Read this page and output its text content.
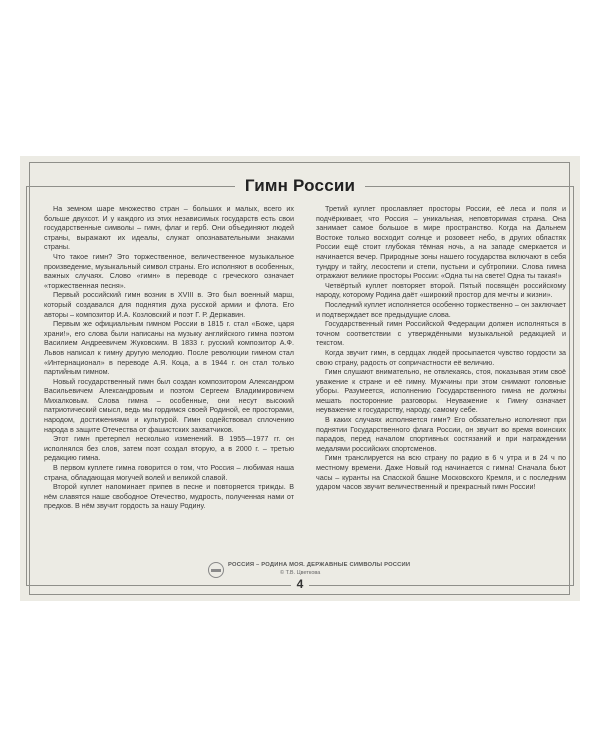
Гимн России

На земном шаре множество стран – больших и малых, всего их больше двухсот. И у каждого из этих независимых государств есть свои государственные символы – гимн, флаг и герб. Они объединяют людей страны, выражают их идеалы, служат опознавательными знаками страны.

Что такое гимн? Это торжественное, величественное музыкальное произведение, музыкальный символ страны. Его исполняют в особенных, важных случаях. Слово «гимн» в переводе с греческого означает «торжественная песня».

Первый российский гимн возник в XVIII в. Это был военный марш, который создавался для поднятия духа русской армии и флота. Его авторы – композитор И.А. Козловский и поэт Г. Р. Державин.

Первым же официальным гимном России в 1815 г. стал «Боже, царя храни!», его слова были написаны на музыку английского гимна поэтом Василием Андреевичем Жуковским. В 1833 г. русский композитор А.Ф. Львов написал к гимну другую мелодию. После революции гимном стал «Интернационал» в переводе А.Я. Коца, а в 1944 г. он стал только партийным гимном.

Новый государственный гимн был создан композитором Александром Васильевичем Александровым и поэтом Сергеем Владимировичем Михалковым. Слова гимна – особенные, они несут высокий патриотический смысл, ведь мы гордимся своей Родиной, ее просторами, народом, достижениями и культурой. Гимн содействовал сплочению народа в защите Отечества от фашистских захватчиков.

Этот гимн претерпел несколько изменений. В 1955—1977 гг. он исполнялся без слов, затем поэт создал вторую, а в 2000 г. – третью редакцию гимна.

В первом куплете гимна говорится о том, что Россия – любимая наша страна, обладающая могучей волей и великой славой.

Второй куплет напоминает припев в песне и повторяется трижды. В нём славятся наше свободное Отечество, мудрость, полученная нами от предков. В нём звучит гордость за нашу Родину.

Третий куплет прославляет просторы России, её леса и поля и подчёркивает, что Россия – уникальная, неповторимая страна. Она занимает самое большое в мире пространство. Когда на Дальнем Востоке только восходит солнце и розовеет небо, в других областях России ещё стоит глубокая тёмная ночь, а на западе смеркается и начинается вечер. Природные зоны нашего государства включают в себя тундру и тайгу, лесостепи и степи, пустыни и субтропики. Слова гимна отражают великие просторы России: «Одна ты на свете! Одна ты такая!»

Четвёртый куплет повторяет второй. Пятый посвящён российскому народу, которому Родина даёт «широкий простор для мечты и жизни».

Последний куплет исполняется особенно торжественно – он заключает и подтверждает все предыдущие слова.

Государственный гимн Российской Федерации должен исполняться в точном соответствии с утверждёнными музыкальной редакцией и текстом.

Когда звучит гимн, в сердцах людей просыпается чувство гордости за свою страну, радость от сопричастности её величию.

Гимн слушают внимательно, не отвлекаясь, стоя, показывая этим своё уважение к стране и её гимну. Мужчины при этом снимают головные уборы. Разумеется, исполнению Государственного гимна не должны мешать посторонние разговоры. Неуважение к Гимну означает неуважение к государству, народу, самому себе.

В каких случаях исполняется гимн? Его обязательно исполняют при поднятии Государственного флага России, он звучит во время воинских парадов, перед началом спортивных состязаний и при награждении медалями российских спортсменов.

Гимн транслируется на всю страну по радио в 6 ч утра и в 24 ч по местному времени. Даже Новый год начинается с гимна! Сначала бьют часы – куранты на Спасской башне Московского Кремля, и с последним ударом часов звучит величественный и прекрасный гимн России!

РОССИЯ – РОДИНА МОЯ. ДЕРЖАВНЫЕ СИМВОЛЫ РОССИИ
© Т.В. Цветкова
4
